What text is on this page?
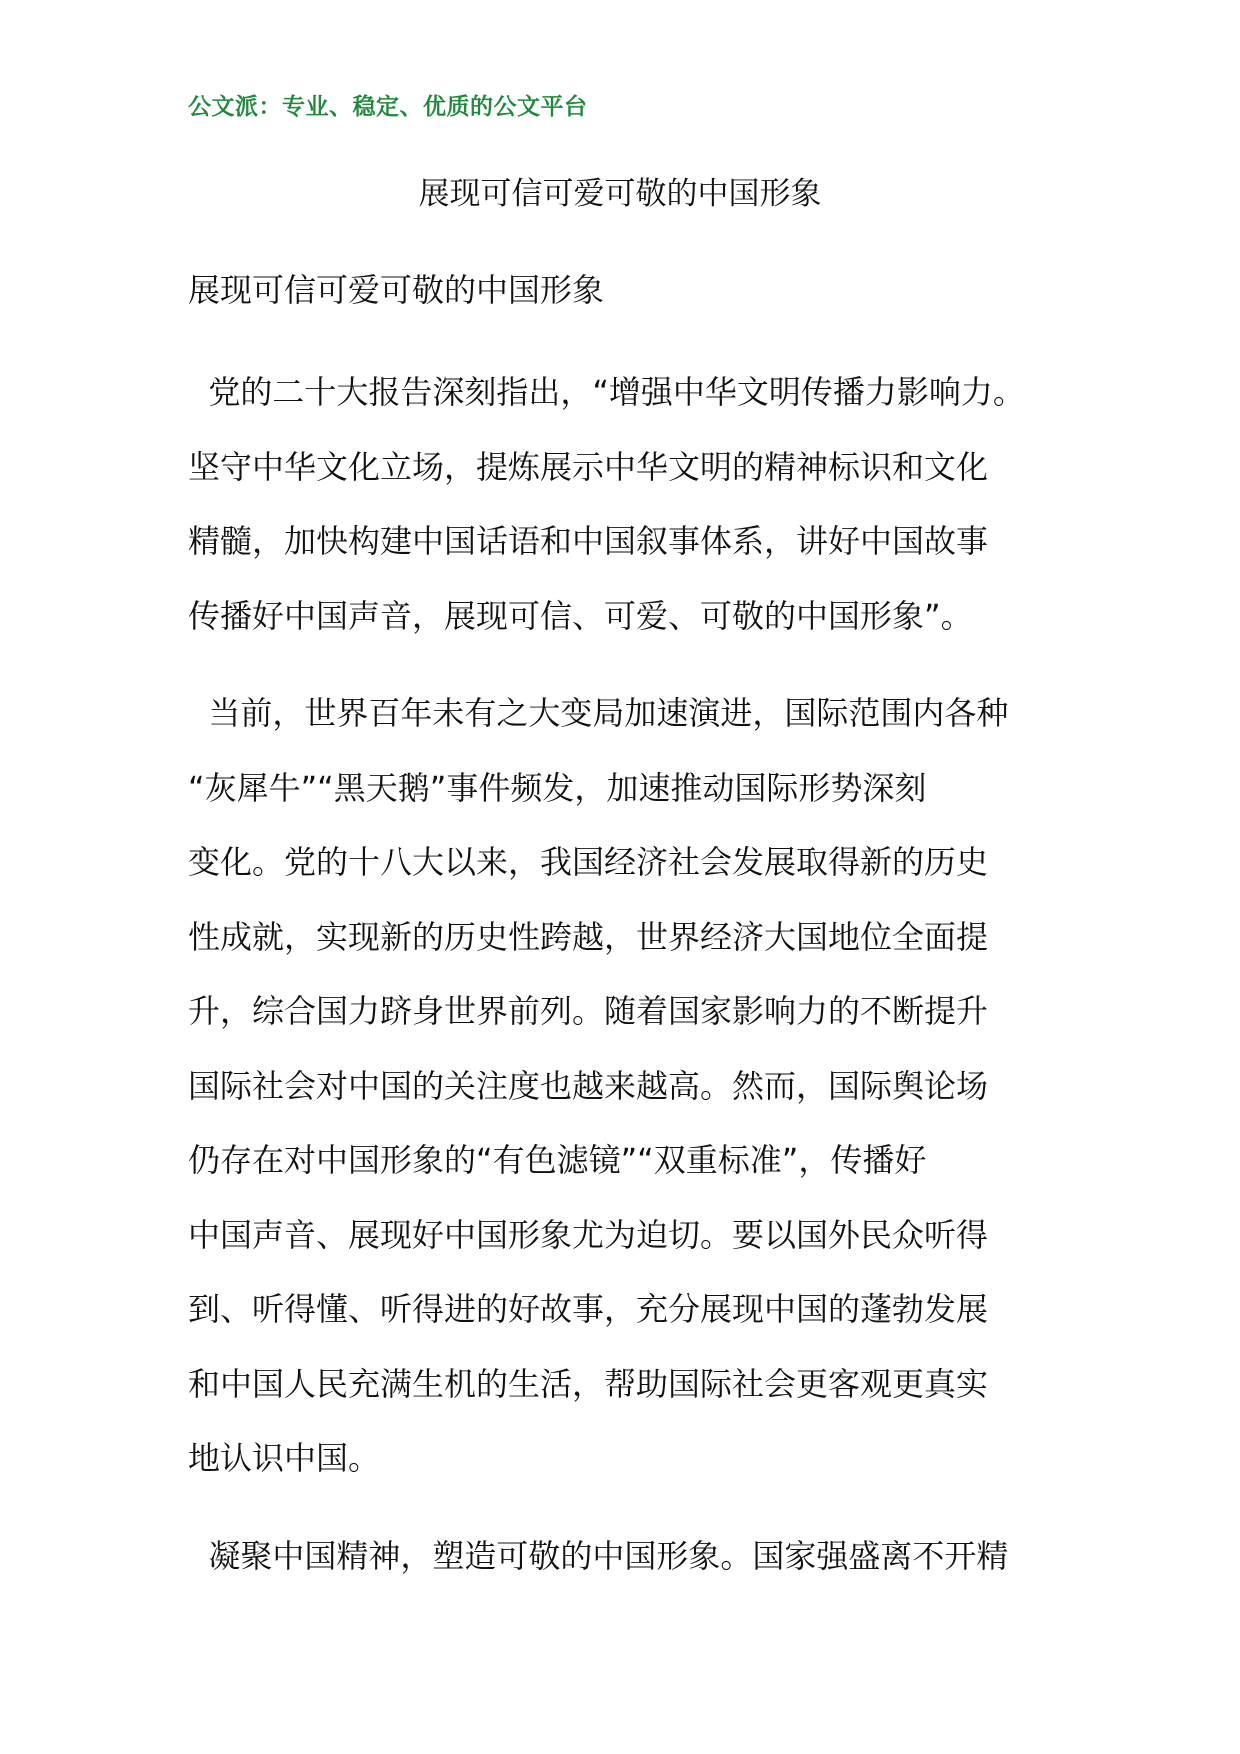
公文派：专业、稳定、优质的公文平台
展现可信可爱可敬的中国形象
展现可信可爱可敬的中国形象
党的二十大报告深刻指出，“增强中华文明传播力影响力。
坚守中华文化立场，提炼展示中华文明的精神标识和文化
精髓，加快构建中国话语和中国叙事体系，讲好中国故事
传播好中国声音，展现可信、可爱、可敬的中国形象”。
当前，世界百年未有之大变局加速演进，国际范围内各种
“灰犀牛”“黑天鹅”事件频发，加速推动国际形势深刻
变化。党的十八大以来，我国经济社会发展取得新的历史
性成就，实现新的历史性跨越，世界经济大国地位全面提
升，综合国力跻身世界前列。随着国家影响力的不断提升
国际社会对中国的关注度也越来越高。然而，国际舆论场
仍存在对中国形象的“有色滤镜”“双重标准”，传播好
中国声音、展现好中国形象尤为迫切。要以国外民众听得
到、听得懂、听得进的好故事，充分展现中国的蓬勃发展
和中国人民充满生机的生活，帮助国际社会更客观更真实
地认识中国。
凝聚中国精神，塑造可敬的中国形象。国家强盛离不开精
